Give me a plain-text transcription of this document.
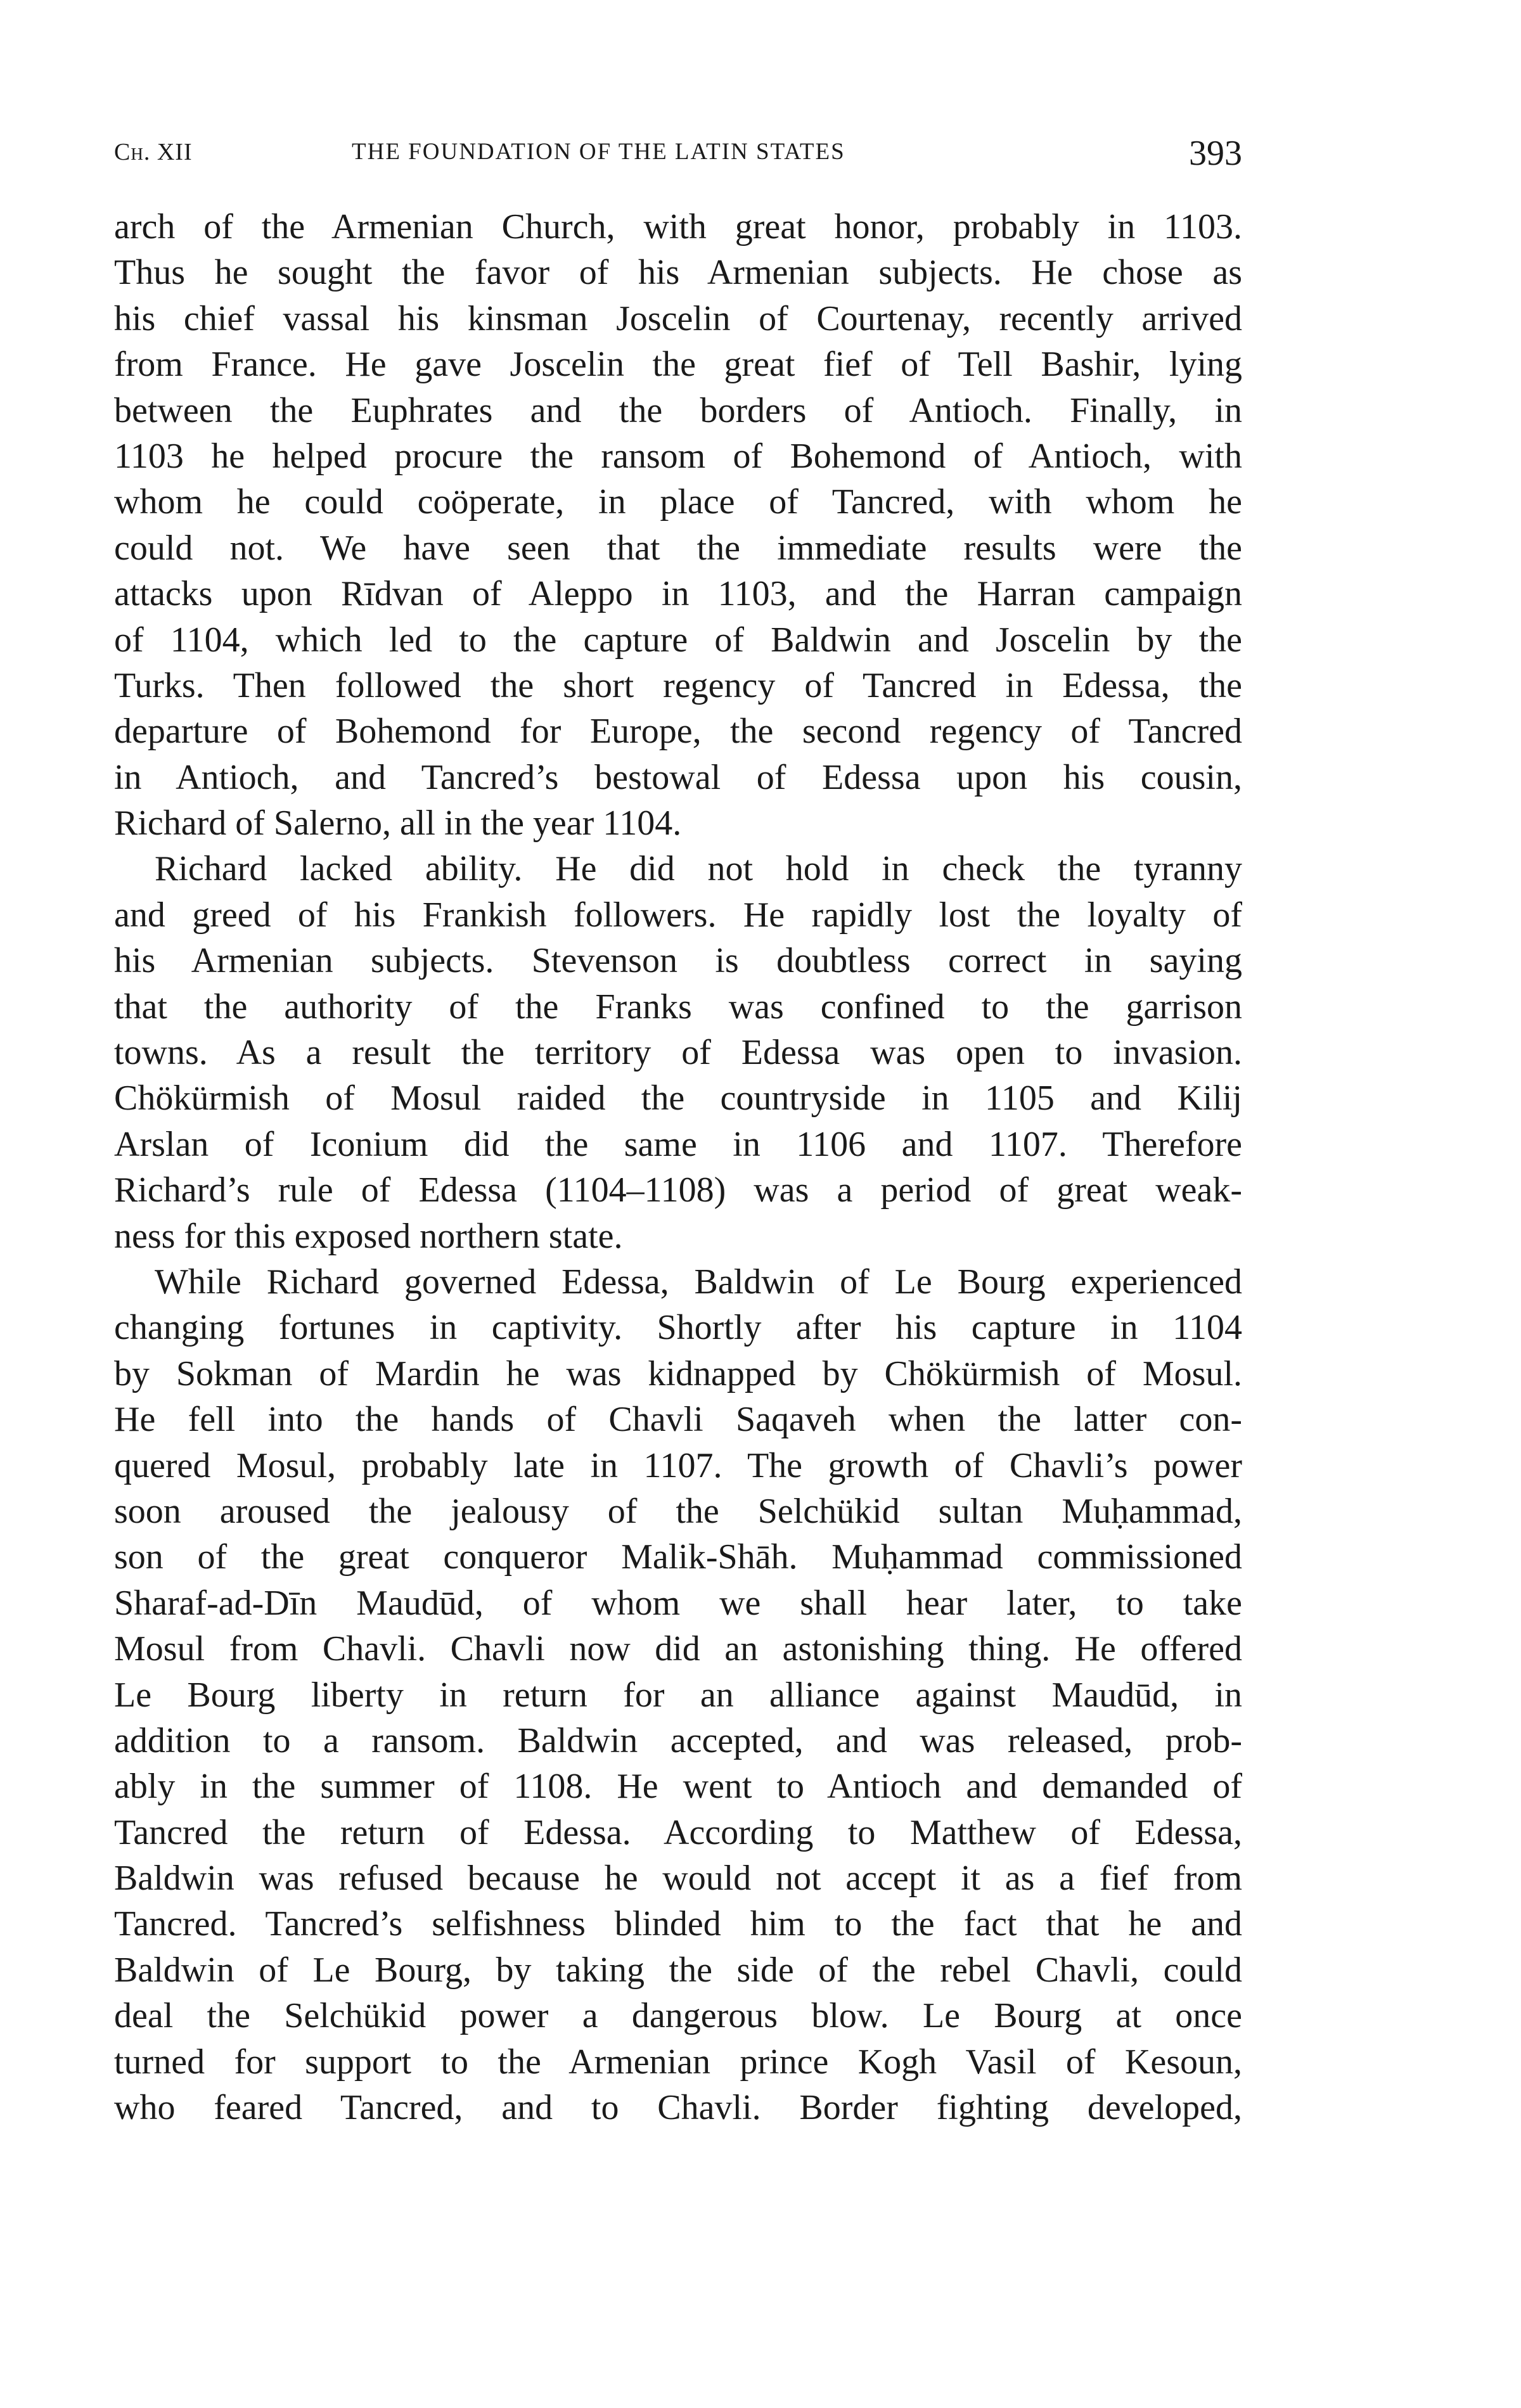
Ch. XII	THE FOUNDATION OF THE LATIN STATES	393
arch of the Armenian Church, with great honor, probably in 1103.
Thus he sought the favor of his Armenian subjects. He chose as
his chief vassal his kinsman Joscelin of Courtenay, recently arrived
from France. He gave Joscelin the great fief of Tell Bashir, lying
between the Euphrates and the borders of Antioch. Finally, in
1103 he helped procure the ransom of Bohemond of Antioch, with
whom he could coöperate, in place of Tancred, with whom he
could not. We have seen that the immediate results were the
attacks upon Rīdvan of Aleppo in 1103, and the Harran campaign
of 1104, which led to the capture of Baldwin and Joscelin by the
Turks. Then followed the short regency of Tancred in Edessa, the
departure of Bohemond for Europe, the second regency of Tancred
in Antioch, and Tancred’s bestowal of Edessa upon his cousin,
Richard of Salerno, all in the year 1104.
Richard lacked ability. He did not hold in check the tyranny
and greed of his Frankish followers. He rapidly lost the loyalty of
his Armenian subjects. Stevenson is doubtless correct in saying
that the authority of the Franks was confined to the garrison
towns. As a result the territory of Edessa was open to invasion.
Chökürmish of Mosul raided the countryside in 1105 and Kilij
Arslan of Iconium did the same in 1106 and 1107. Therefore
Richard’s rule of Edessa (1104–1108) was a period of great weak-
ness for this exposed northern state.
While Richard governed Edessa, Baldwin of Le Bourg experienced
changing fortunes in captivity. Shortly after his capture in 1104
by Sokman of Mardin he was kidnapped by Chökürmish of Mosul.
He fell into the hands of Chavli Saqaveh when the latter con-
quered Mosul, probably late in 1107. The growth of Chavli’s power
soon aroused the jealousy of the Selchükid sultan Muḥammad,
son of the great conqueror Malik-Shāh. Muḥammad commissioned
Sharaf-ad-Dīn Maudūd, of whom we shall hear later, to take
Mosul from Chavli. Chavli now did an astonishing thing. He offered
Le Bourg liberty in return for an alliance against Maudūd, in
addition to a ransom. Baldwin accepted, and was released, prob-
ably in the summer of 1108. He went to Antioch and demanded of
Tancred the return of Edessa. According to Matthew of Edessa,
Baldwin was refused because he would not accept it as a fief from
Tancred. Tancred’s selfishness blinded him to the fact that he and
Baldwin of Le Bourg, by taking the side of the rebel Chavli, could
deal the Selchükid power a dangerous blow. Le Bourg at once
turned for support to the Armenian prince Kogh Vasil of Kesoun,
who feared Tancred, and to Chavli. Border fighting developed,
